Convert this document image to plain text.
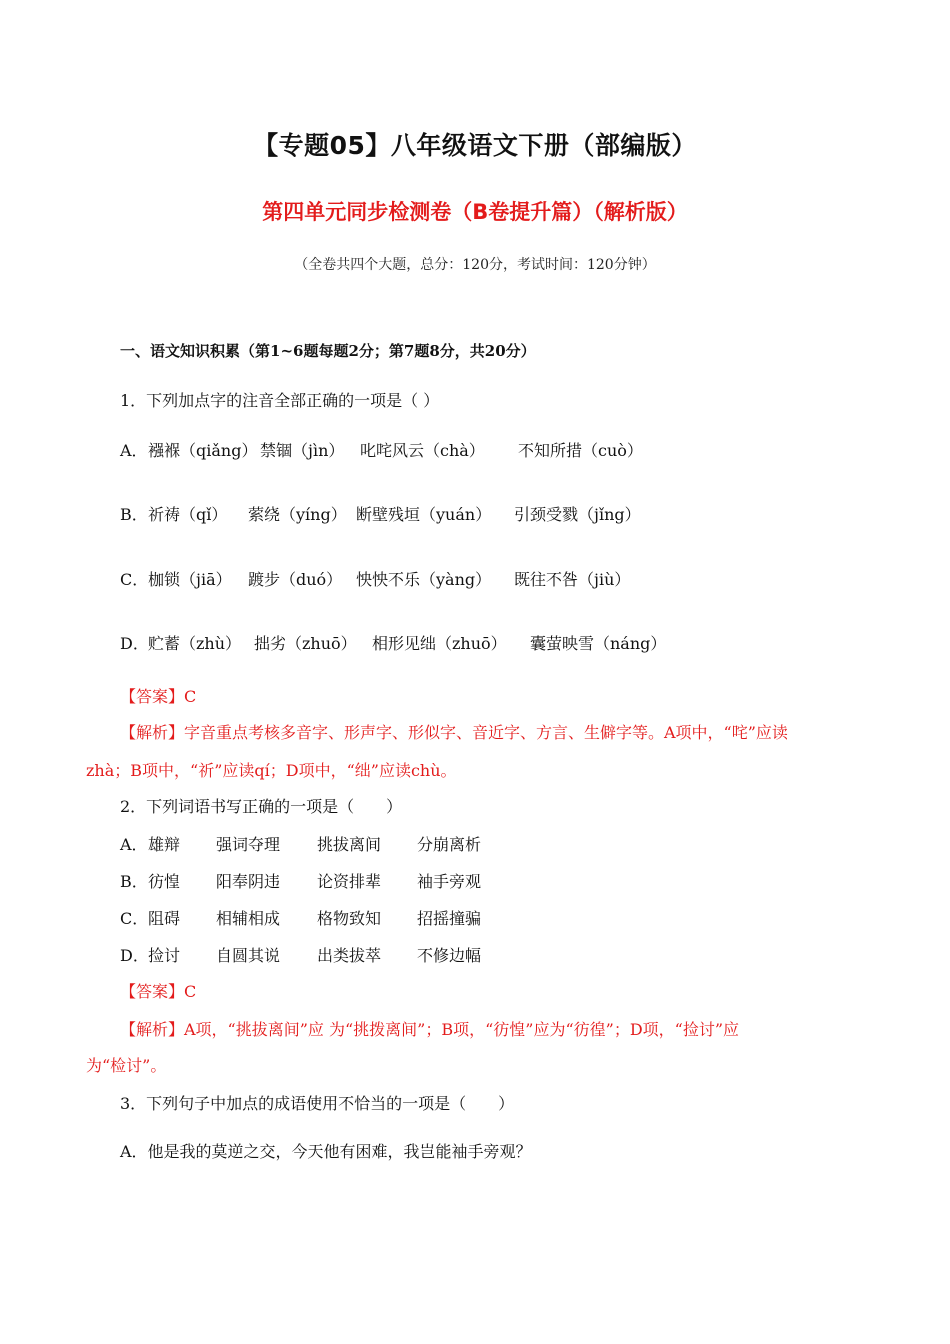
【专题05】八年级语文下册（部编版）
第四单元同步检测卷（B卷提升篇）（解析版）
（全卷共四个大题，总分：120分，考试时间：120分钟）
一、语文知识积累（第1~6题每题2分；第7题8分，共20分）
1．下列加点字的注音全部正确的一项是（ ）
A． 襁褓（qiǎng） 禁锢（jìn） 叱咤风云（chà） 不知所措（cuò）
B． 祈祷（qǐ） 萦绕（yíng） 断壁残垣（yuán） 引颈受戮（jǐng）
C． 枷锁（jiā） 踱步（duó） 怏怏不乐（yàng） 既往不咎（jiù）
D． 贮蓄（zhù） 拙劣（zhuō） 相形见绌（zhuō） 囊萤映雪（náng）
【答案】C
【解析】字音重点考核多音字、形声字、形似字、音近字、方言、生僻字等。A项中，“咤”应读
zhà；B项中，“祈”应读qí；D项中，“绌”应读chù。
2．下列词语书写正确的一项是（　　）
A． 雄辩 强词夺理 挑拔离间 分崩离析
B． 彷惶 阳奉阴违 论资排辈 袖手旁观
C． 阻碍 相辅相成 格物致知 招摇撞骗
D． 捡讨 自圆其说 出类拔萃 不修边幅
【答案】C
【解析】A项，“挑拔离间”应 为“挑拨离间”；B项，“彷惶”应为“彷徨”；D项，“捡讨”应
为“检讨”。
3．下列句子中加点的成语使用不恰当的一项是（　　）
A．他是我的莫逆之交，今天他有困难，我岂能袖手旁观？
